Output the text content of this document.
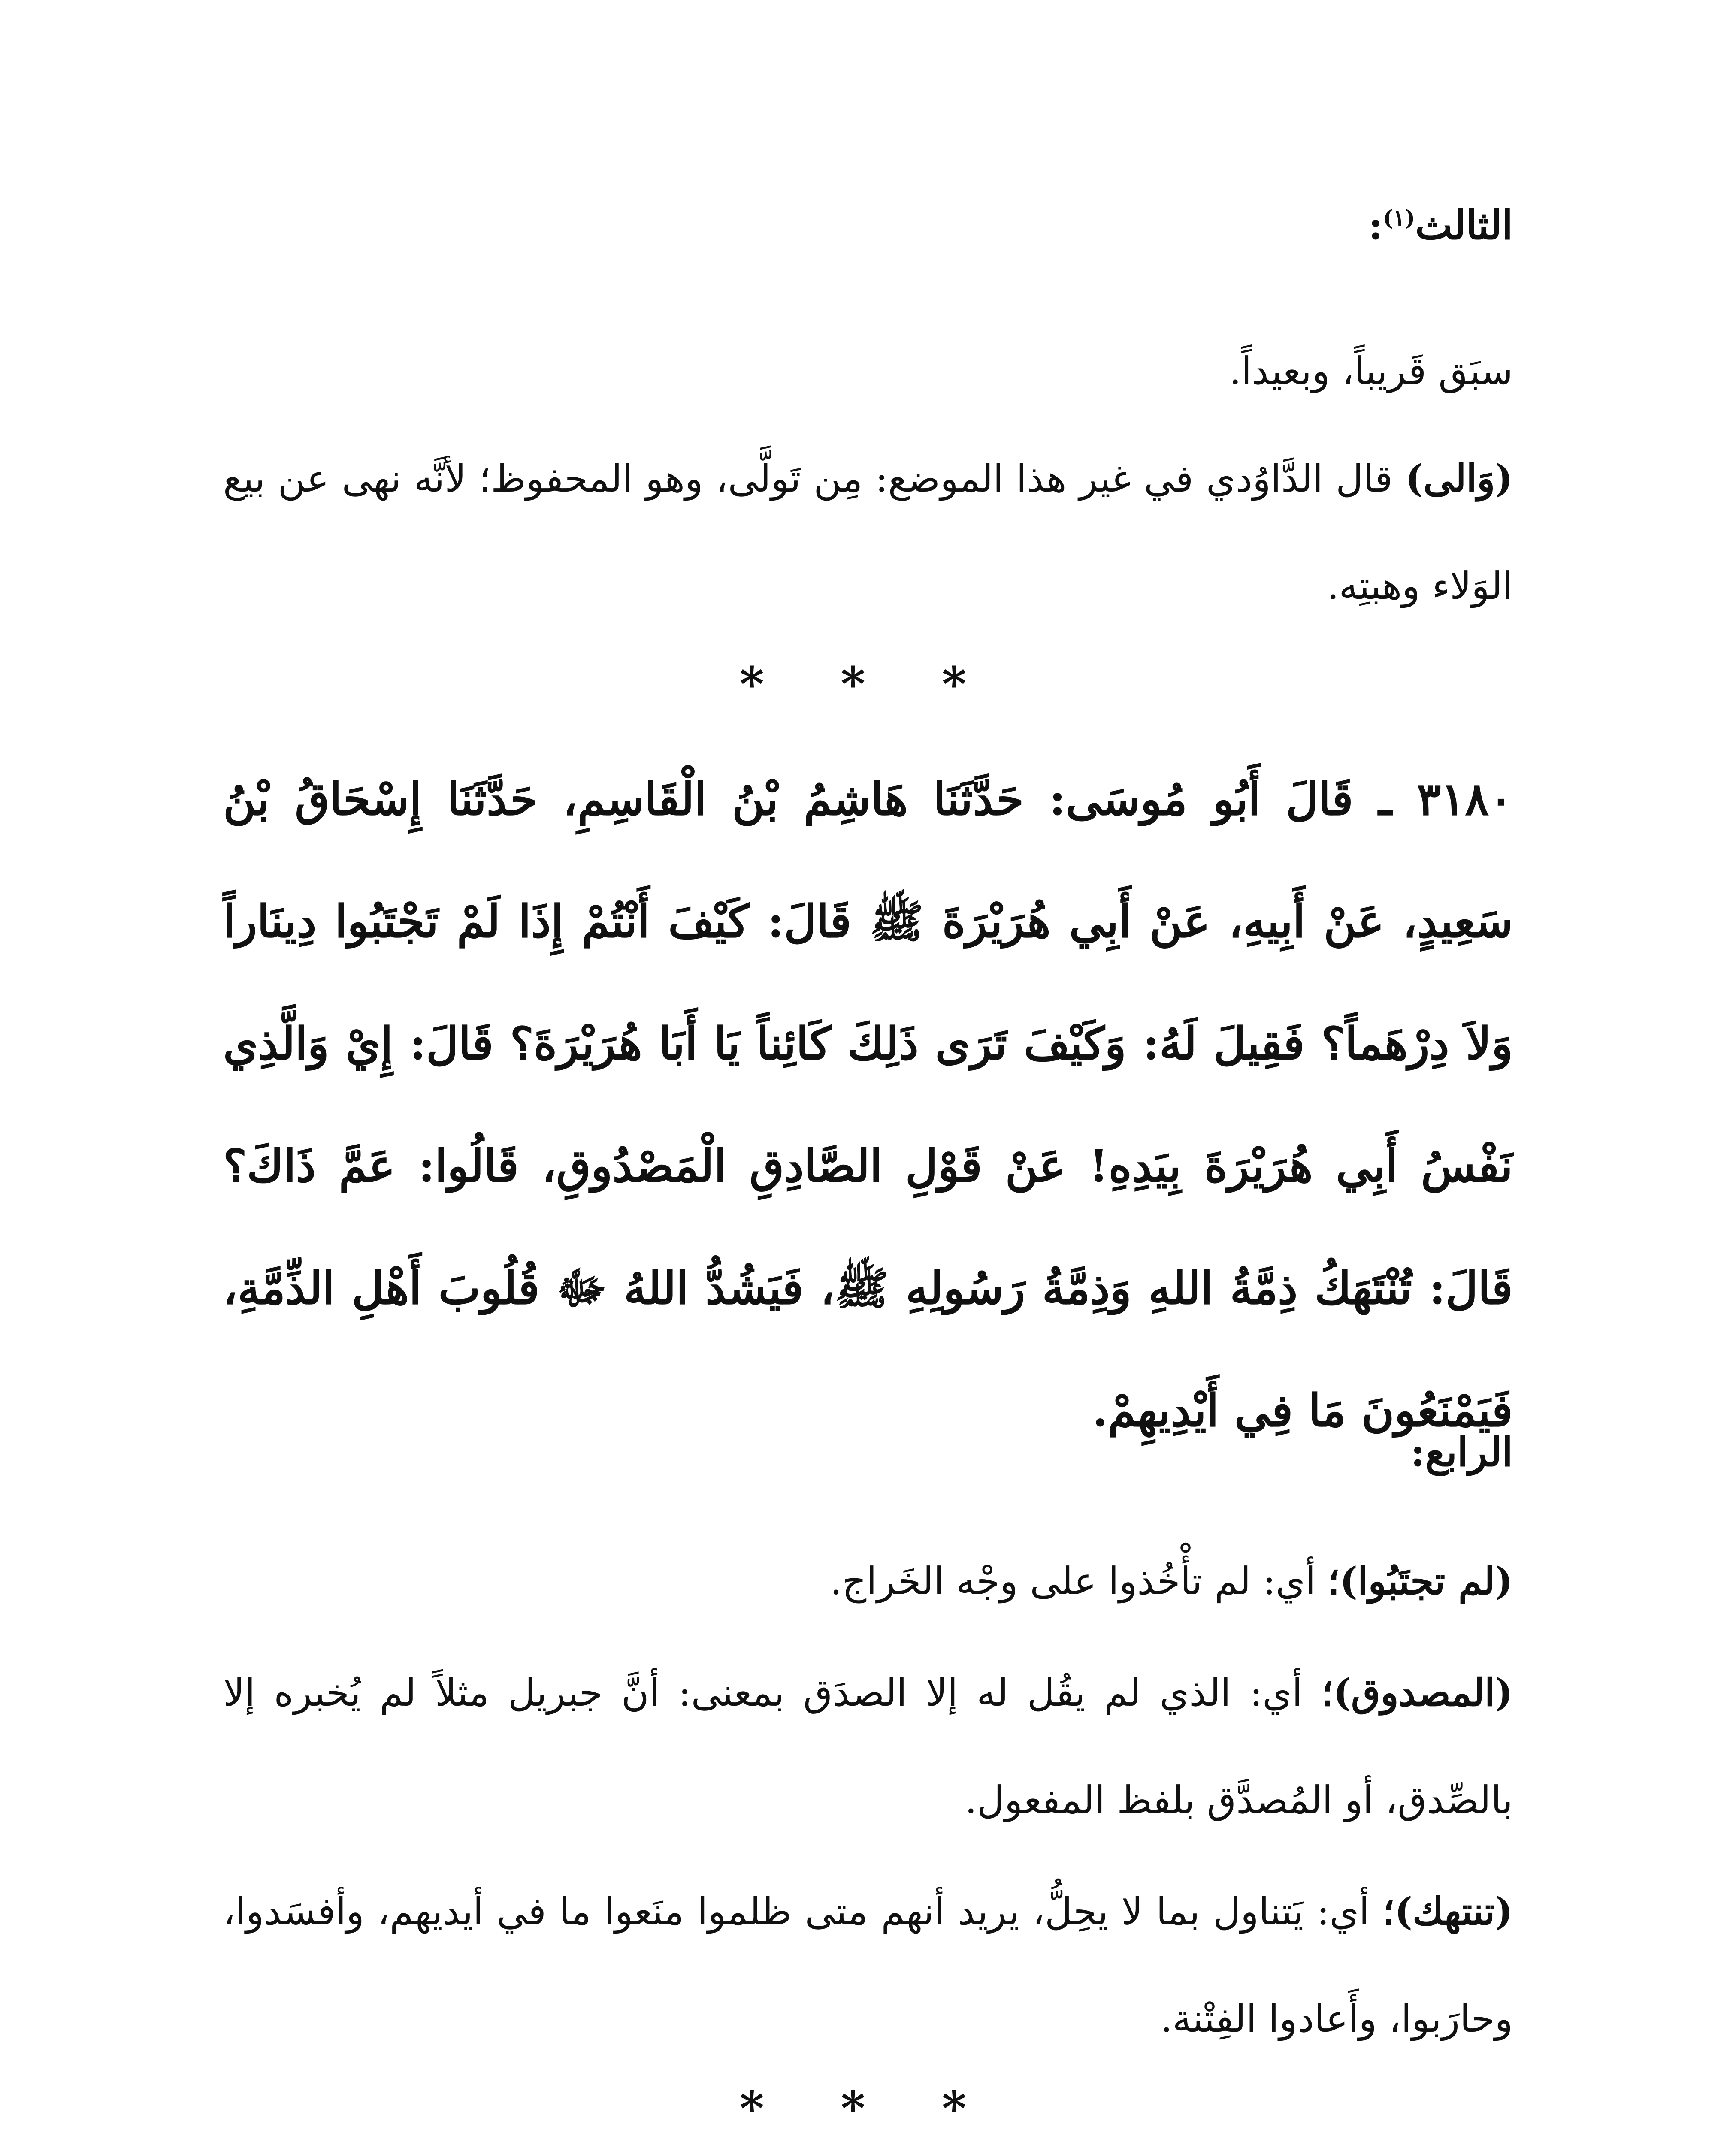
الثالث$^{(١)}$:
سبَق قَريباً، وبعيداً.
(وَالى) قال الدَّاوُدي في غير هذا الموضع: مِن تَولَّى، وهو المحفوظ؛ لأنَّه نهى عن بيع الوَلاء وهبتِه.
* * *
٣١٨٠ ـ قَالَ أَبُو مُوسَى: حَدَّثَنَا هَاشِمُ بْنُ الْقَاسِمِ، حَدَّثَنَا إِسْحَاقُ بْنُ سَعِيدٍ، عَنْ أَبِيهِ، عَنْ أَبِي هُرَيْرَةَ ﷺ قَالَ: كَيْفَ أَنْتُمْ إِذَا لَمْ تَجْتَبُوا دِينَاراً وَلاَ دِرْهَماً؟ فَقِيلَ لَهُ: وَكَيْفَ تَرَى ذَلِكَ كَائِناً يَا أَبَا هُرَيْرَةَ؟ قَالَ: إِيْ وَالَّذِي نَفْسُ أَبِي هُرَيْرَةَ بِيَدِهِ! عَنْ قَوْلِ الصَّادِقِ الْمَصْدُوقِ، قَالُوا: عَمَّ ذَاكَ؟ قَالَ: تُنْتَهَكُ ذِمَّةُ اللهِ وَذِمَّةُ رَسُولِهِ ﷺ، فَيَشُدُّ اللهُ ﷻ قُلُوبَ أَهْلِ الذِّمَّةِ، فَيَمْنَعُونَ مَا فِي أَيْدِيهِمْ.
الرابع:
(لم تجتَبُوا)؛ أي: لم تأْخُذوا على وجْه الخَراج.
(المصدوق)؛ أي: الذي لم يقُل له إلا الصدَق بمعنى: أنَّ جبريل مثلاً لم يُخبره إلا بالصِّدق، أو المُصدَّق بلفظ المفعول.
(تنتهك)؛ أي: يَتناول بما لا يحِلُّ، يريد أنهم متى ظلموا منَعوا ما في أيديهم، وأفسَدوا، وحارَبوا، وأَعادوا الفِتْنة.
* * *
